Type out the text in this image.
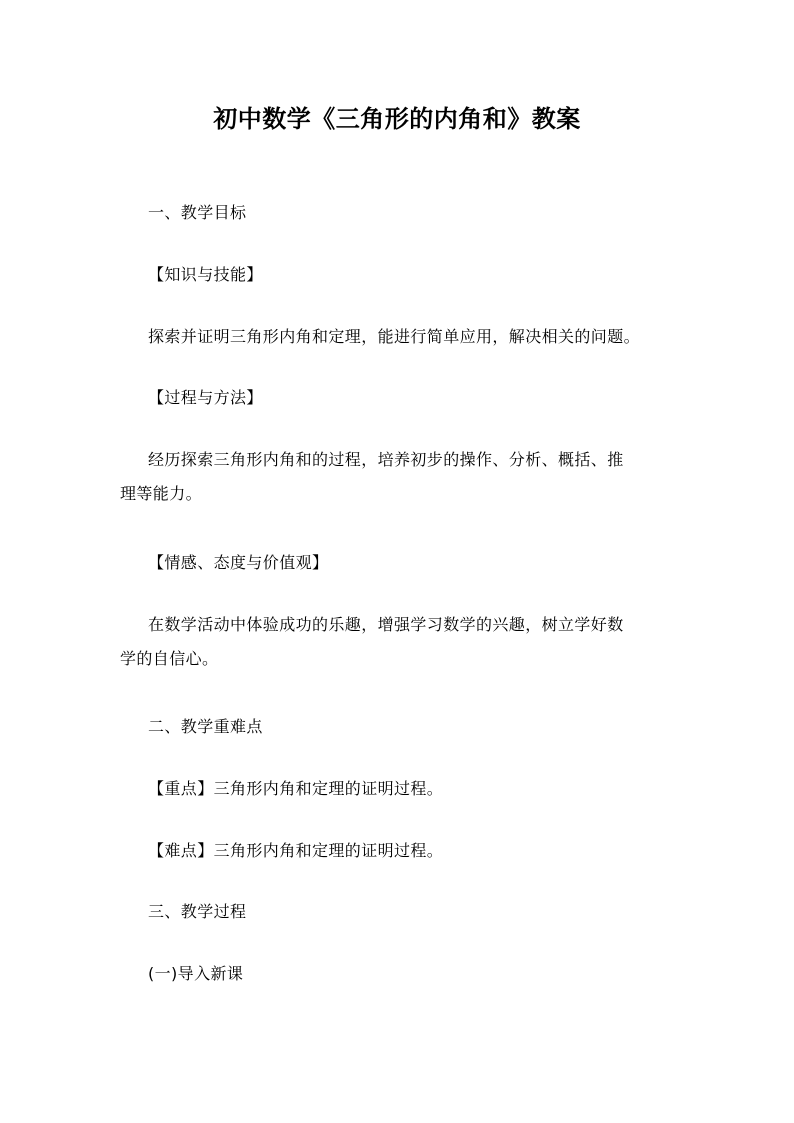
初中数学《三角形的内角和》教案

一、教学目标

【知识与技能】

探索并证明三角形内角和定理，能进行简单应用，解决相关的问题。

【过程与方法】

经历探索三角形内角和的过程，培养初步的操作、分析、概括、推
理等能力。

【情感、态度与价值观】

在数学活动中体验成功的乐趣，增强学习数学的兴趣，树立学好数
学的自信心。

二、教学重难点

【重点】三角形内角和定理的证明过程。

【难点】三角形内角和定理的证明过程。

三、教学过程

(一)导入新课
